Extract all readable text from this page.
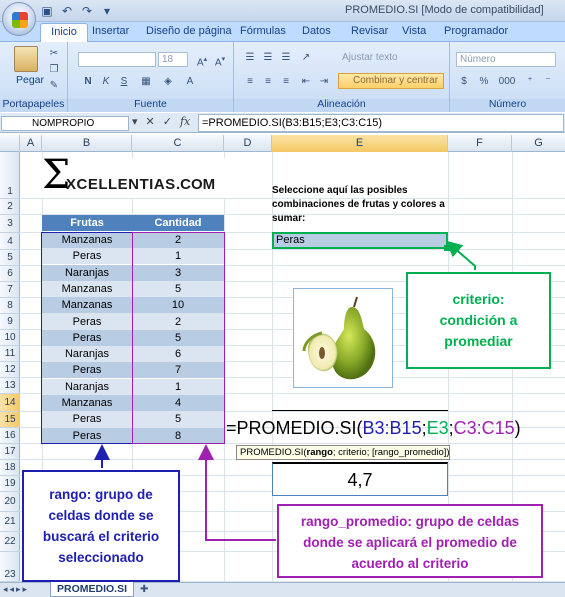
▣ ↶ ↷ ▾	PROMEDIO.SI [Modo de compatibilidad]
Inicio	Insertar Diseño de página Fórmulas Datos Revisar Vista Programador
Pegar
✂
❐
✎
Portapapeles
18	A▴ A▾
N	K	S	▦	◈	A
Fuente
☰ ☰ ☰	↗	Ajustar texto
≡	≡	≡	⇤ ⇥	Combinar y centrar
Alineación
Número
$	%	000	⁺	⁻
Número
NOMPROPIO	▾ ✕ ✓ fx	=PROMEDIO.SI(B3:B15;E3;C3:C15)
A	B	C	D	E	F	G
1
2
3
4
5
6
7
8
9
10
11
12
13
14
15
16
17
18
19
20
21
22
23
Σ
XCELLENTIAS .COM
Frutas	Cantidad
Manzanas	2
Peras	1
Naranjas	3
Manzanas	5
Manzanas	10
Peras	2
Peras	5
Naranjas	6
Peras	7
Naranjas	1
Manzanas	4
Peras	5
Peras	8
Seleccione aquí las posibles
combinaciones de frutas y colores a
sumar:
Peras
criterio:
condición a
promediar
=PROMEDIO.SI(B3:B15;E3;C3:C15)
PROMEDIO.SI(rango; criterio; [rango_promedio])
4,7
rango: grupo de
celdas donde se
buscará el criterio
seleccionado
rango_promedio: grupo de celdas
donde se aplicará el promedio de
acuerdo al criterio
◂◂▸▸	✚
PROMEDIO.SI
